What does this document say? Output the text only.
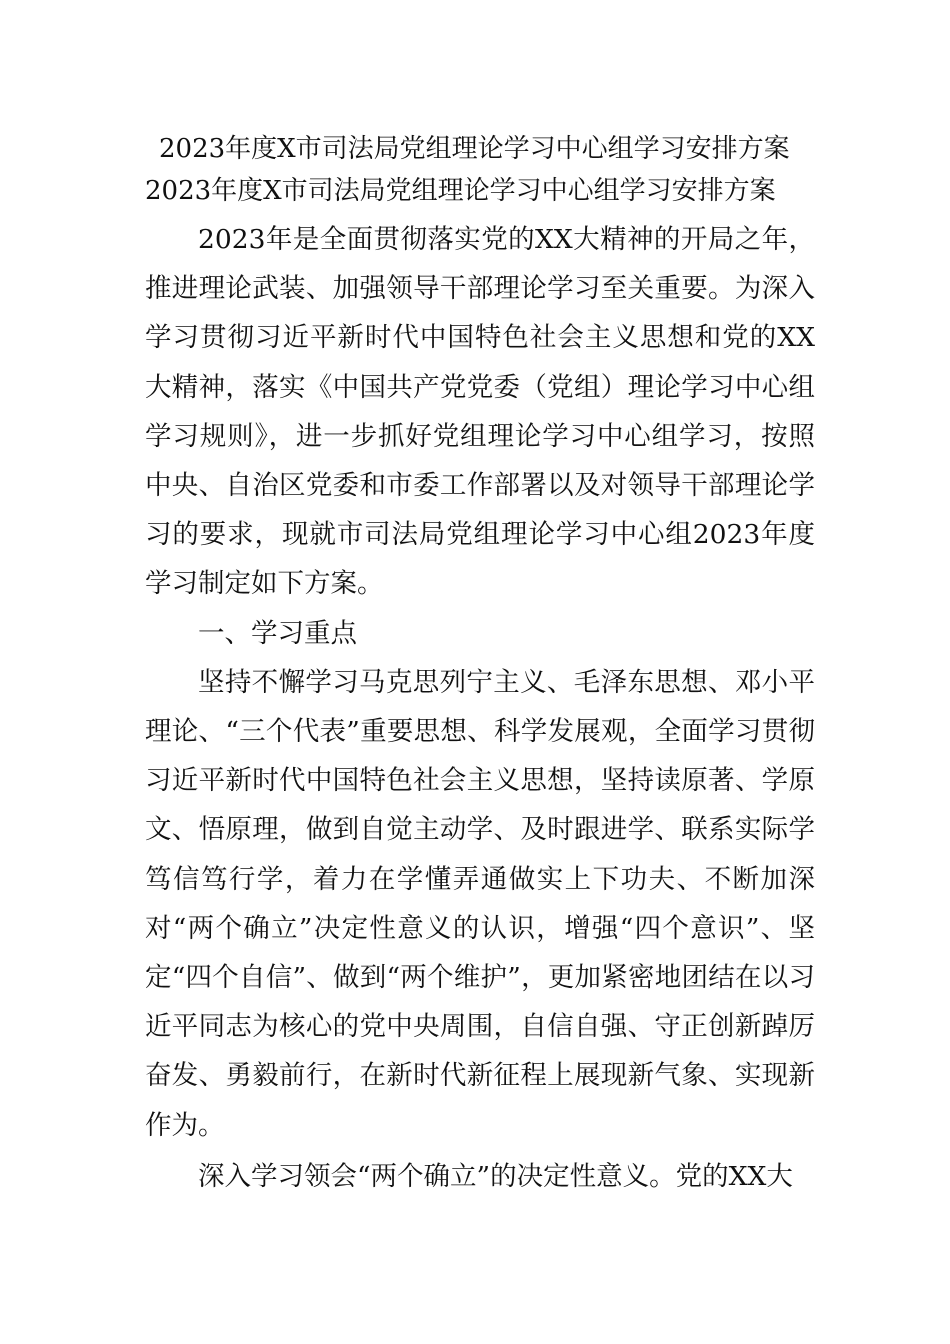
2023年度X市司法局党组理论学习中心组学习安排方案
2023年度X市司法局党组理论学习中心组学习安排方案

2023年是全面贯彻落实党的XX大精神的开局之年，推进理论武装、加强领导干部理论学习至关重要。为深入学习贯彻习近平新时代中国特色社会主义思想和党的XX大精神，落实《中国共产党党委（党组）理论学习中心组学习规则》，进一步抓好党组理论学习中心组学习，按照中央、自治区党委和市委工作部署以及对领导干部理论学习的要求，现就市司法局党组理论学习中心组2023年度学习制定如下方案。

一、学习重点

坚持不懈学习马克思列宁主义、毛泽东思想、邓小平理论、“三个代表”重要思想、科学发展观，全面学习贯彻习近平新时代中国特色社会主义思想，坚持读原著、学原文、悟原理，做到自觉主动学、及时跟进学、联系实际学笃信笃行学，着力在学懂弄通做实上下功夫、不断加深对“两个确立”决定性意义的认识，增强“四个意识”、坚定“四个自信”、做到“两个维护”，更加紧密地团结在以习近平同志为核心的党中央周围，自信自强、守正创新踔厉奋发、勇毅前行，在新时代新征程上展现新气象、实现新作为。

深入学习领会“两个确立”的决定性意义。党的XX大
